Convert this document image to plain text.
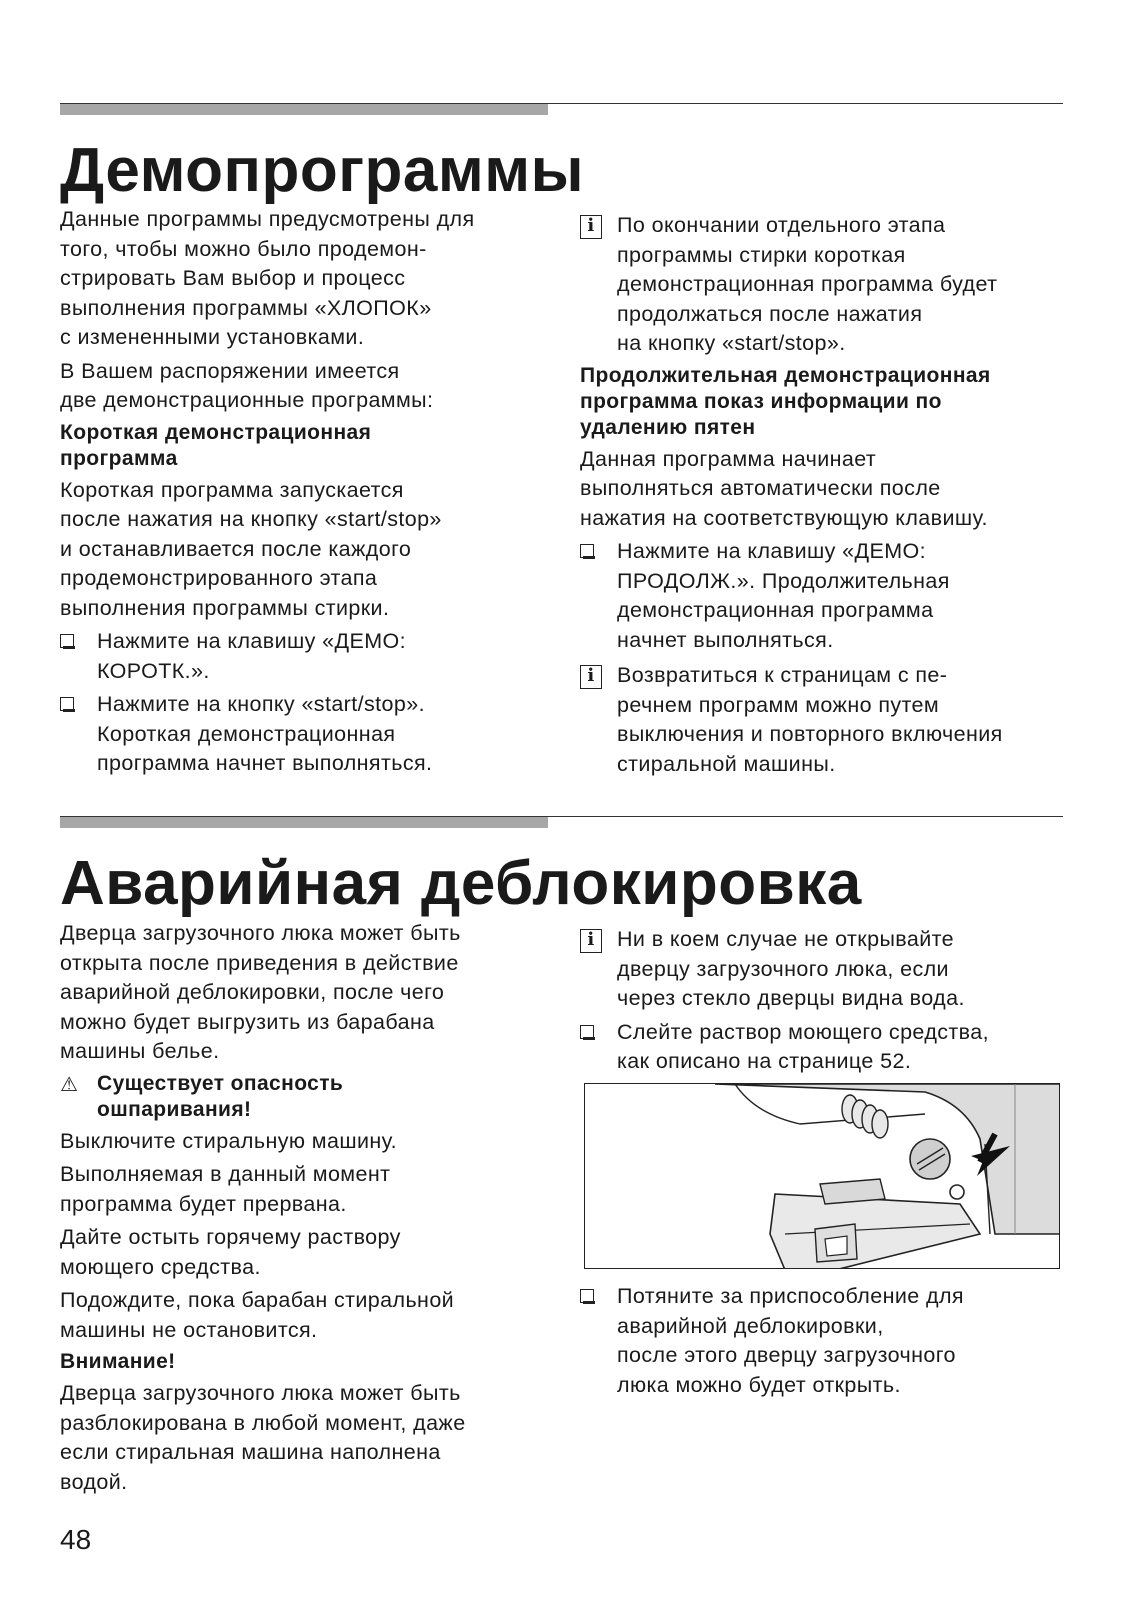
Демопрограммы

Данные программы предусмотрены для
того, чтобы можно было продемон-
стрировать Вам выбор и процесс
выполнения программы «ХЛОПОК»
с измененными установками.

В Вашем распоряжении имеется
две демонстрационные программы:

Короткая демонстрационная
программа

Короткая программа запускается
после нажатия на кнопку «start/stop»
и останавливается после каждого
продемонстрированного этапа
выполнения программы стирки.

Нажмите на клавишу «ДЕМО:
КОРОТК.».
Нажмите на кнопку «start/stop».
Короткая демонстрационная
программа начнет выполняться.
i	По окончании отдельного этапа
программы стирки короткая
демонстрационная программа будет
продолжаться после нажатия
на кнопку «start/stop».

Продолжительная демонстрационная
программа показ информации по
удалению пятен

Данная программа начинает
выполняться автоматически после
нажатия на соответствующую клавишу.

Нажмите на клавишу «ДЕМО:
ПРОДОЛЖ.». Продолжительная
демонстрационная программа
начнет выполняться.
i	Возвратиться к страницам с пе-
речнем программ можно путем
выключения и повторного включения
стиральной машины.
Аварийная деблокировка

Дверца загрузочного люка может быть
открыта после приведения в действие
аварийной деблокировки, после чего
можно будет выгрузить из барабана
машины белье.

⚠ Существует опасность
ошпаривания!

Выключите стиральную машину.

Выполняемая в данный момент
программа будет прервана.

Дайте остыть горячему раствору
моющего средства.

Подождите, пока барабан стиральной
машины не остановится.

Внимание!

Дверца загрузочного люка может быть
разблокирована в любой момент, даже
если стиральная машина наполнена
водой.

i	Ни в коем случае не открывайте
дверцу загрузочного люка, если
через стекло дверцы видна вода.
Слейте раствор моющего средства,
как описано на странице 52.
Потяните за приспособление для
аварийной деблокировки,
после этого дверцу загрузочного
люка можно будет открыть.
48
